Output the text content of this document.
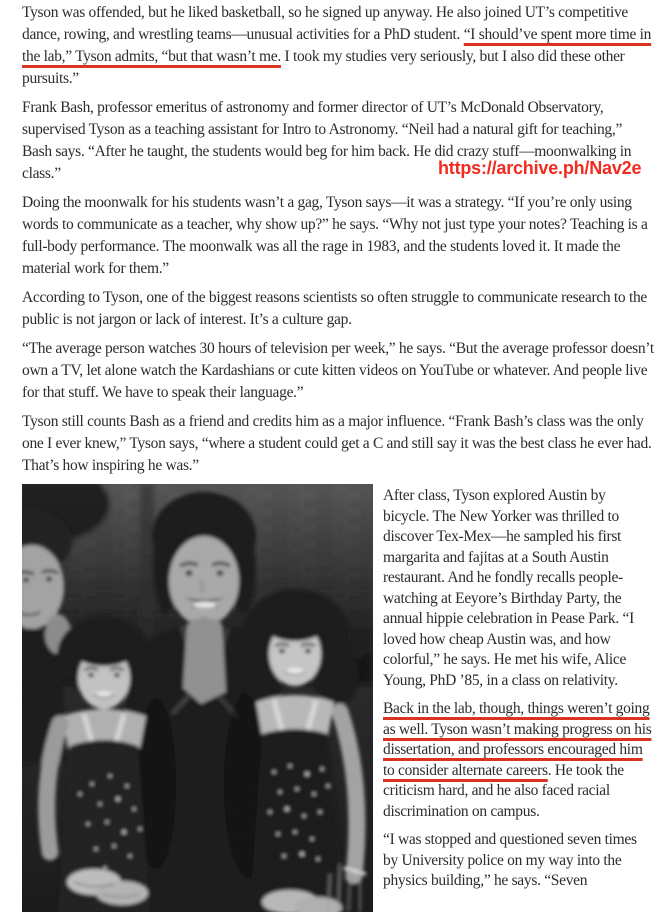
Tyson was offended, but he liked basketball, so he signed up anyway. He also joined UT’s competitive dance, rowing, and wrestling teams—unusual activities for a PhD student. “I should’ve spent more time in the lab,” Tyson admits, “but that wasn’t me. I took my studies very seriously, but I also did these other pursuits.”

Frank Bash, professor emeritus of astronomy and former director of UT’s McDonald Observatory, supervised Tyson as a teaching assistant for Intro to Astronomy. “Neil had a natural gift for teaching,” Bash says. “After he taught, the students would beg for him back. He did crazy stuff—moonwalking in class.”

Doing the moonwalk for his students wasn’t a gag, Tyson says—it was a strategy. “If you’re only using words to communicate as a teacher, why show up?” he says. “Why not just type your notes? Teaching is a full-body performance. The moonwalk was all the rage in 1983, and the students loved it. It made the material work for them.”

According to Tyson, one of the biggest reasons scientists so often struggle to communicate research to the public is not jargon or lack of interest. It’s a culture gap.

“The average person watches 30 hours of television per week,” he says. “But the average professor doesn’t own a TV, let alone watch the Kardashians or cute kitten videos on YouTube or whatever. And people live for that stuff. We have to speak their language.”

Tyson still counts Bash as a friend and credits him as a major influence. “Frank Bash’s class was the only one I ever knew,” Tyson says, “where a student could get a C and still say it was the best class he ever had. That’s how inspiring he was.”

After class, Tyson explored Austin by bicycle. The New Yorker was thrilled to discover Tex-Mex—he sampled his first margarita and fajitas at a South Austin restaurant. And he fondly recalls people-watching at Eeyore’s Birthday Party, the annual hippie celebration in Pease Park. “I loved how cheap Austin was, and how colorful,” he says. He met his wife, Alice Young, PhD ’85, in a class on relativity.

Back in the lab, though, things weren’t going as well. Tyson wasn’t making progress on his dissertation, and professors encouraged him to consider alternate careers. He took the criticism hard, and he also faced racial discrimination on campus.

“I was stopped and questioned seven times by University police on my way into the physics building,” he says. “Seven

https://archive.ph/Nav2e
